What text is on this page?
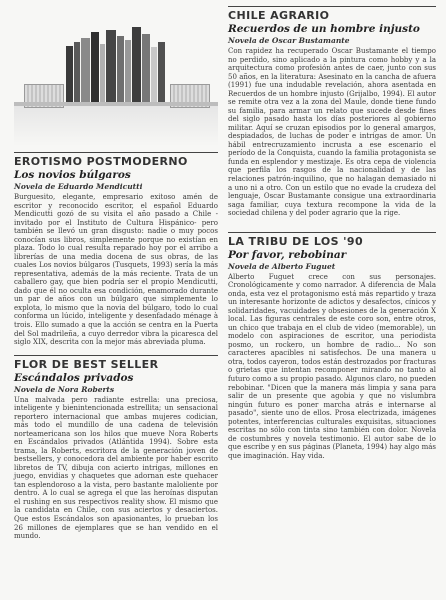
EROTISMO POSTMODERNO
Los novios búlgaros
Novela de Eduardo Mendicutti
Burguesito, elegante, empresario exitoso amén de escritor y reconocido escritor, el español Eduardo Mendicutti gozó de su visita el año pasado a Chile -invitado por el Instituto de Cultura Hispánico- pero también se llevó un gran disgusto: nadie o muy pocos conocían sus libros, simplemente porque no existían en plaza. Todo lo cual resulta reparado hoy por el arribo a librerías de una media docena de sus obras, de las cuales Los novios búlgaros (Tusquets, 1993) sería la más representativa, además de la más reciente. Trata de un caballero gay, que bien podría ser el propio Mendicutti, dado que él no oculta esa condición, enamorado durante un par de años con un búlgaro que simplemente lo explota, lo mismo que la novia del búlgaro, todo lo cual conforma un lúcido, inteligente y desenfadado ménage à trois. Ello sumado a que la acción se centra en la Puerta del Sol madrileña, a cuyo derredor vibra la picaresca del siglo XIX, descrita con la mejor más abreviada pluma.
FLOR DE BEST SELLER
Escándalos privados
Novela de Nora Roberts
Una malvada pero radiante estrella: una preciosa, inteligente y bienintencionada estrellita; un sensacional reportero internacional que ambas mujeres codician, más todo el mundillo de una cadena de televisión norteamericana son los hilos que mueve Nora Roberts en Escándalos privados (Atlántida 1994). Sobre esta trama, la Roberts, escritora de la generación joven de bestsellers, y conocedora del ambiente por haber escrito libretos de TV, dibuja con acierto intrigas, millones en juego, envidias y chaquetes que adornan este quehacer tan esplendoroso a la vista, pero bastante maloliente por dentro. A lo cual se agrega el que las heroínas disputan el rushing en sus respectivos reality show. El mismo que la candidata en Chile, con sus aciertos y desaciertos. Que estos Escándalos son apasionantes, lo prueban los 26 millones de ejemplares que se han vendido en el mundo.
CHILE AGRARIO
Recuerdos de un hombre injusto
Novela de Oscar Bustamante
Con rapidez ha recuperado Oscar Bustamante el tiempo no perdido, sino aplicado a la pintura como hobby y a la arquitectura como profesión antes de caer, junto con sus 50 años, en la literatura: Asesinato en la cancha de afuera (1991) fue una indudable revelación, ahora asentada en Recuerdos de un hombre injusto (Grijalbo, 1994). El autor se remite otra vez a la zona del Maule, donde tiene fundo su familia, para armar un relato que sucede desde fines del siglo pasado hasta los días posteriores al gobierno militar. Aquí se cruzan episodios por lo general amargos, despiadados, de luchas de poder e intrigas de amor. Un hábil entrecruzamiento incrusta a ese escenario el período de la Conquista, cuando la familia protagonista se funda en esplendor y mestizaje. Es otra cepa de violencia que perfila los rasgos de la nacionalidad y de las relaciones patrón-inquilino, que no halagan demasiado ni a uno ni a otro. Con un estilo que no evade la crudeza del lenguaje, Oscar Bustamante consigue una extraordinaria saga familiar, cuya textura recompone la vida de la sociedad chilena y del poder agrario que la rige.
LA TRIBU DE LOS '90
Por favor, rebobinar
Novela de Alberto Fuguet
Alberto Fuguet crece con sus personajes. Cronológicamente y como narrador. A diferencia de Mala onda, esta vez el protagonismo está más repartido y traza un interesante horizonte de adictos y desafectos, cínicos y solidaridades, vacuidades y obsesiones de la generación X local. Las figuras centrales de este coro son, entre otros, un chico que trabaja en el club de video (memorable), un modelo con aspiraciones de escritor, una periodista posmo, un rockero, un hombre de radio... No son caracteres apacibles ni satisfechos. De una manera u otra, todos cayeron, todos están destrozados por fracturas o grietas que intentan recomponer mirando no tanto al futuro como a su propio pasado. Algunos claro, no pueden rebobinar. "Dicen que la manera más limpia y sana para salir de un presente que agobia y que no vislumbra ningún futuro es poner marcha atrás e internarse al pasado", siente uno de ellos. Prosa electrizada, imágenes potentes, interferencias culturales exquisitas, situaciones escritas no sólo con tinta sino también con dolor. Novela de costumbres y novela testimonio. El autor sabe de lo que escribe y en sus páginas (Planeta, 1994) hay algo más que imaginación. Hay vida.
